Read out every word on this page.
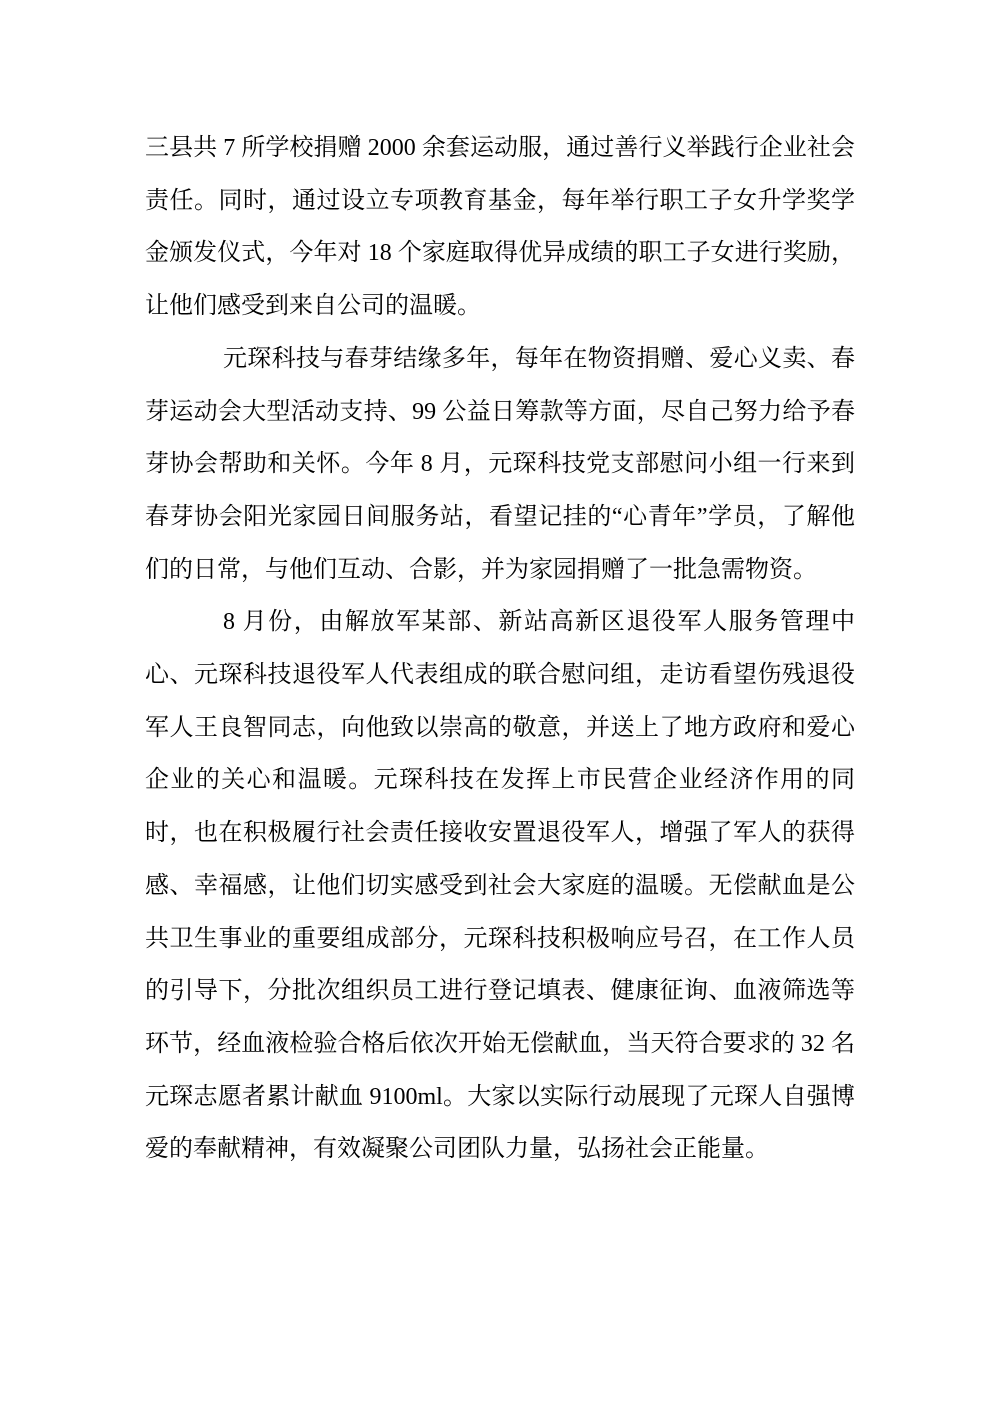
三县共 7 所学校捐赠 2000 余套运动服，通过善行义举践行企业社会责任。同时，通过设立专项教育基金，每年举行职工子女升学奖学金颁发仪式，今年对 18 个家庭取得优异成绩的职工子女进行奖励，让他们感受到来自公司的温暖。

元琛科技与春芽结缘多年，每年在物资捐赠、爱心义卖、春芽运动会大型活动支持、99 公益日筹款等方面，尽自己努力给予春芽协会帮助和关怀。今年 8 月，元琛科技党支部慰问小组一行来到春芽协会阳光家园日间服务站，看望记挂的“心青年”学员，了解他们的日常，与他们互动、合影，并为家园捐赠了一批急需物资。

8 月份，由解放军某部、新站高新区退役军人服务管理中心、元琛科技退役军人代表组成的联合慰问组，走访看望伤残退役军人王良智同志，向他致以崇高的敬意，并送上了地方政府和爱心企业的关心和温暖。元琛科技在发挥上市民营企业经济作用的同时，也在积极履行社会责任接收安置退役军人，增强了军人的获得感、幸福感，让他们切实感受到社会大家庭的温暖。无偿献血是公共卫生事业的重要组成部分，元琛科技积极响应号召，在工作人员的引导下，分批次组织员工进行登记填表、健康征询、血液筛选等环节，经血液检验合格后依次开始无偿献血，当天符合要求的 32 名元琛志愿者累计献血 9100ml。大家以实际行动展现了元琛人自强博爱的奉献精神，有效凝聚公司团队力量，弘扬社会正能量。
